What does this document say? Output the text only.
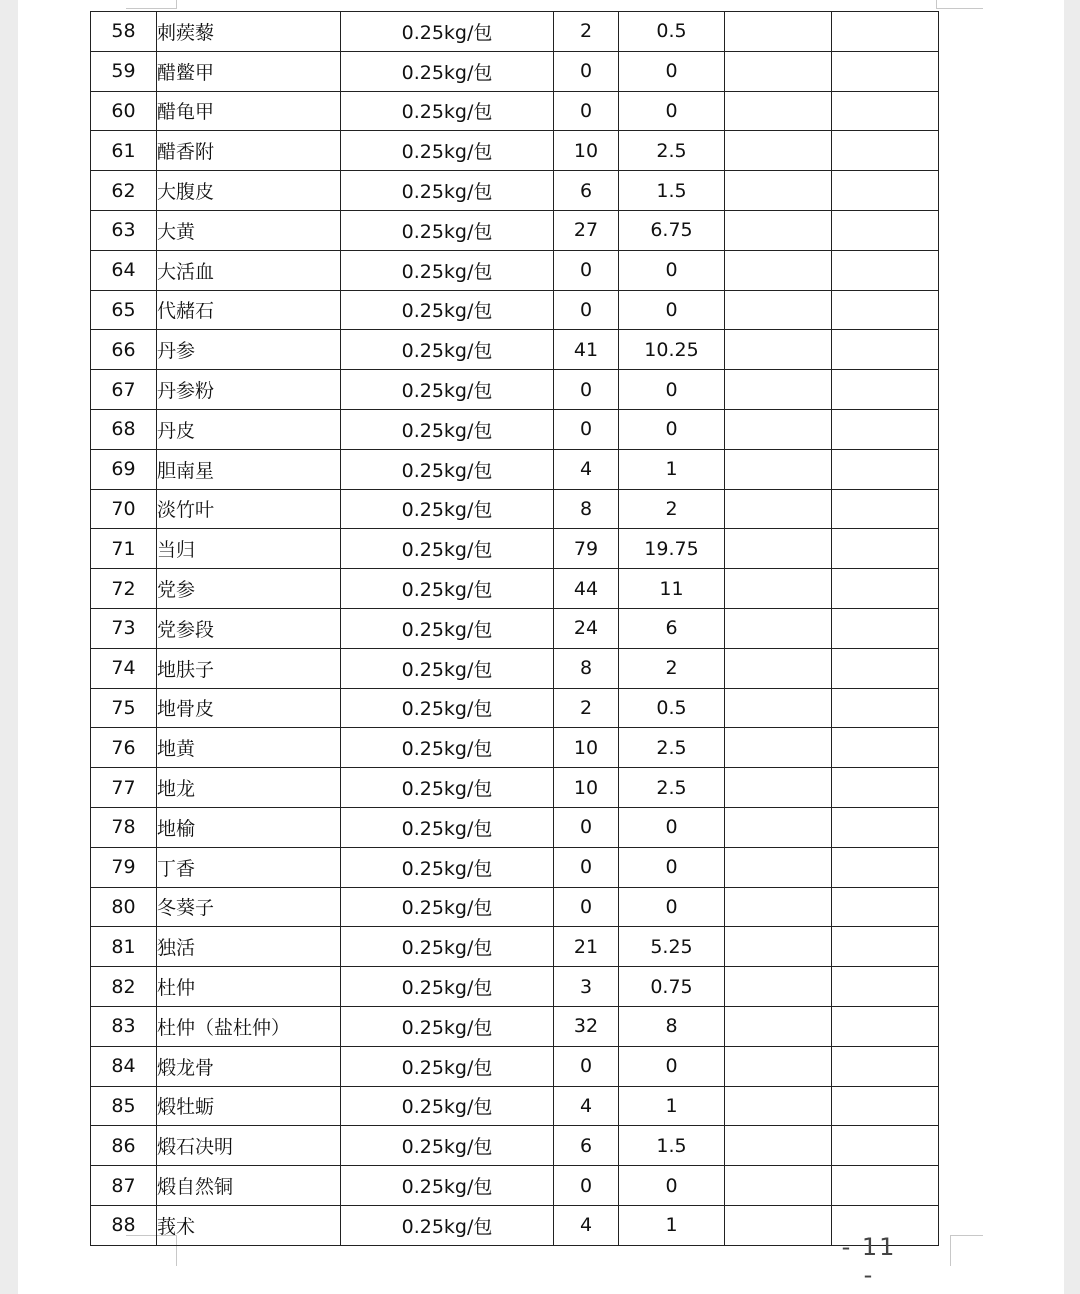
58	刺蒺藜	0.25kg/包	2	0.5		
59	醋鳖甲	0.25kg/包	0	0		
60	醋龟甲	0.25kg/包	0	0		
61	醋香附	0.25kg/包	10	2.5		
62	大腹皮	0.25kg/包	6	1.5		
63	大黄	0.25kg/包	27	6.75		
64	大活血	0.25kg/包	0	0		
65	代赭石	0.25kg/包	0	0		
66	丹参	0.25kg/包	41	10.25		
67	丹参粉	0.25kg/包	0	0		
68	丹皮	0.25kg/包	0	0		
69	胆南星	0.25kg/包	4	1		
70	淡竹叶	0.25kg/包	8	2		
71	当归	0.25kg/包	79	19.75		
72	党参	0.25kg/包	44	11		
73	党参段	0.25kg/包	24	6		
74	地肤子	0.25kg/包	8	2		
75	地骨皮	0.25kg/包	2	0.5		
76	地黄	0.25kg/包	10	2.5		
77	地龙	0.25kg/包	10	2.5		
78	地榆	0.25kg/包	0	0		
79	丁香	0.25kg/包	0	0		
80	冬葵子	0.25kg/包	0	0		
81	独活	0.25kg/包	21	5.25		
82	杜仲	0.25kg/包	3	0.75		
83	杜仲（盐杜仲）	0.25kg/包	32	8		
84	煅龙骨	0.25kg/包	0	0		
85	煅牡蛎	0.25kg/包	4	1		
86	煅石决明	0.25kg/包	6	1.5		
87	煅自然铜	0.25kg/包	0	0		
88	莪术	0.25kg/包	4	1		
- 11 -
